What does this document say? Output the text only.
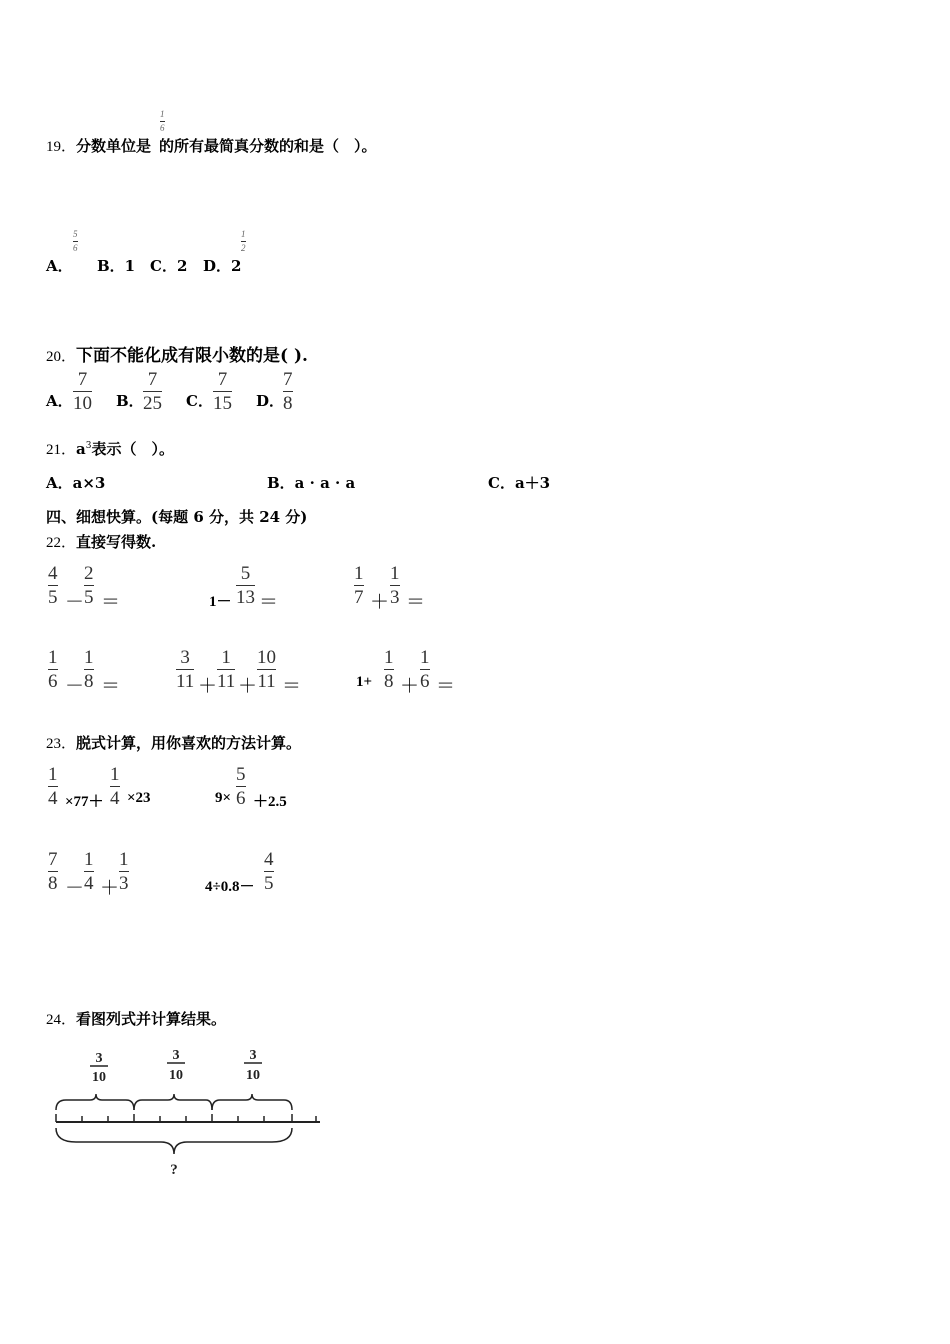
19．分数单位是 的所有最简真分数的和是（　）。
1
6
A．
5
6
B．1 C．2 D．2
1
2
20．下面不能化成有限小数的是( ).
A．
7
10 B．
7
25 C．
7
15 D．
7
8
21．$a^3$表示（　）。
A．a×3	B．a · a · a	C．a＋3
四、细想快算。(每题 6 分，共 24 分)
22．直接写得数.
4
5 －
2
5 ＝	1－
5
13 ＝
1
7 ＋
1
3 ＝
1
6 －
1
8 ＝
3
11 ＋
1
11 ＋
10
11 ＝	1+
1
8 ＋
1
6 ＝
23．脱式计算，用你喜欢的方法计算。
1
4 ×77＋
1
4 ×23	9×
5
6 ＋2.5
7
8 －
1
4 ＋
1
3	4÷0.8－
4
5
24．看图列式并计算结果。
3
10
3
10
3
10
?
